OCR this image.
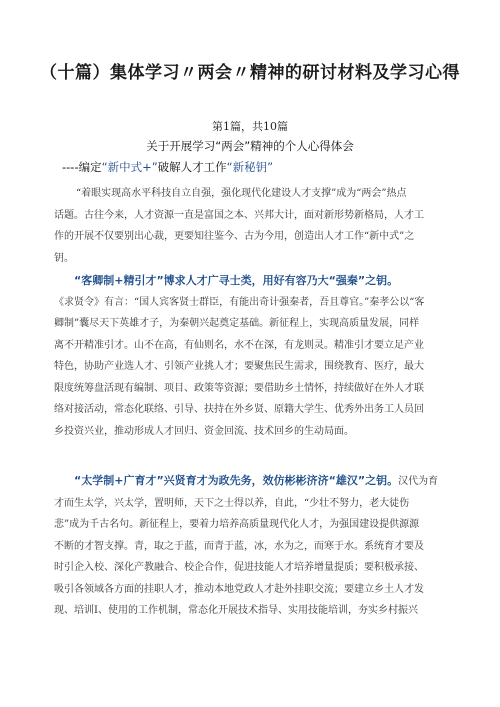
（十篇）集体学习〃两会〃精神的研讨材料及学习心得
第1篇，共10篇
关于开展学习“两会”精神的个人心得体会
----编定“新中式+”破解人才工作“新秘钥”
“着眼实现高水平科技自立自强，强化现代化建设人才支撑”成为“两会”热点
话题。古往今来，人才资源一直是富国之本、兴邦大计，面对新形势新格局，人才工
作的开展不仅要别出心裁，更要知往鉴今、古为今用，创造出人才工作“新中式”之
钥。
“客卿制+精引才”博求人才广寻士类，用好有容乃大“强秦”之钥。
《求贤令》有言：“国人宾客贤士群臣，有能出奇计强秦者，吾且尊官。”秦孝公以“客
卿制”囊尽天下英雄才子，为秦朝兴起奠定基础。新征程上，实现高质量发展，同样
离不开精准引才。山不在高，有仙则名，水不在深，有龙则灵。精准引才要立足产业
特色，协助产业选人才、引领产业挑人才；要聚焦民生需求，围绕教育、医疗，最大
限度统筹盘活现有编制、项目、政策等资源；要借助乡土情怀，持续做好在外人才联
络对接活动，常态化联络、引导、扶持在外乡贤、原籍大学生、优秀外出务工人员回
乡投资兴业，推动形成人才回归、资金回流、技术回乡的生动局面。
“太学制+广育才”兴贤育才为政先务，效仿彬彬济济“雄汉”之钥。汉代为育
才而生太学，兴太学，置明师，天下之士得以养，自此，“少壮不努力，老大徒伤
悲”成为千古名句。新征程上，要着力培养高质量现代化人才，为强国建设提供源源
不断的才智支撑。青，取之于蓝，而青于蓝，冰，水为之，而寒于水。系统育才要及
时引企入校、深化产教融合、校企合作，促进技能人才培养增量提质；要积极承接、
吸引各领域各方面的挂职人才，推动本地党政人才赴外挂职交流；要建立乡土人才发
现、培训Ⅰ、使用的工作机制，常态化开展技术指导、实用技能培训，夯实乡村振兴
